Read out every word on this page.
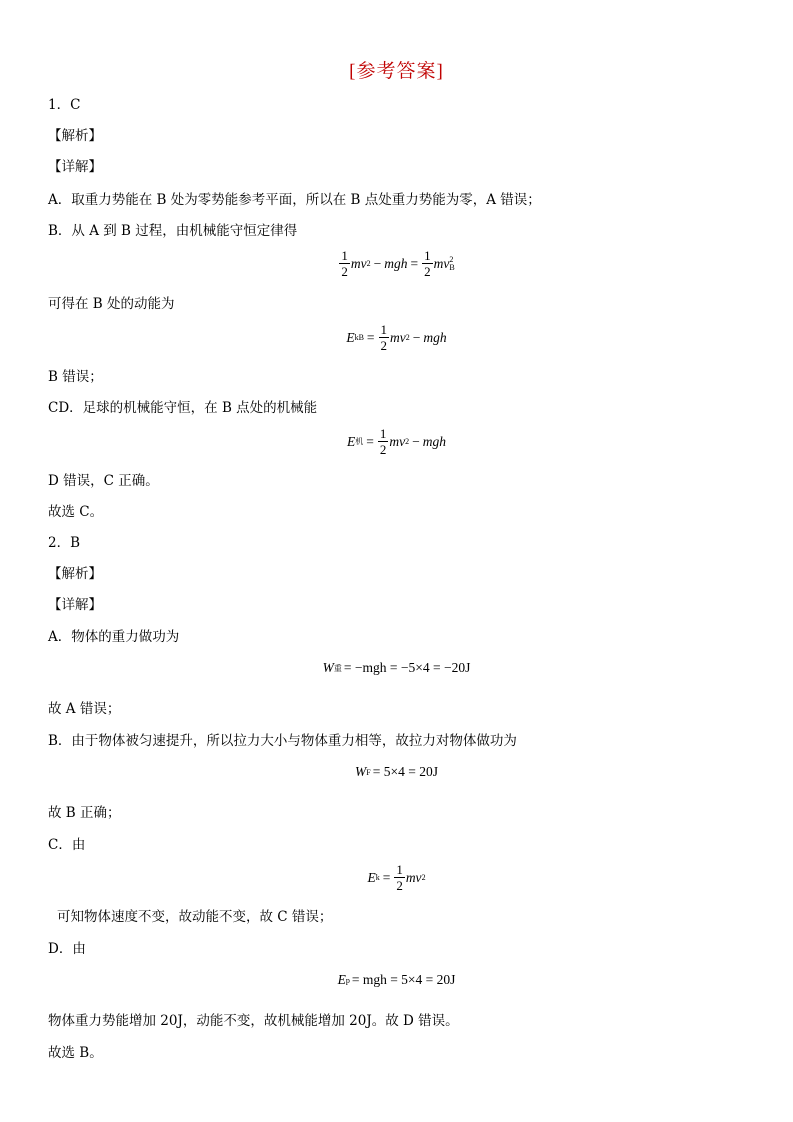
[参考答案]
1．C
【解析】
【详解】
A．取重力势能在 B 处为零势能参考平面，所以在 B 点处重力势能为零，A 错误；
B．从 A 到 B 过程，由机械能守恒定律得
$\frac{1}{2}$ mv 2 − mgh = $\frac{1}{2}$ mv 2
B
可得在 B 处的动能为
E kB = $\frac{1}{2}$ mv 2 − mgh
B 错误；
CD．足球的机械能守恒，在 B 点处的机械能
E 机 = $\frac{1}{2}$ mv 2 − mgh
D 错误，C 正确。
故选 C。
2．B
【解析】
【详解】
A．物体的重力做功为
W 重 = −mgh = −5×4 = −20J
故 A 错误；
B．由于物体被匀速提升，所以拉力大小与物体重力相等，故拉力对物体做功为
W F = 5×4 = 20J
故 B 正确；
C．由
E $k = \frac{1}{2}$ mv 2
可知物体速度不变，故动能不变，故 C 错误；
D．由
E p = mgh = 5×4 = 20J
物体重力势能增加 20J，动能不变，故机械能增加 20J。故 D 错误。
故选 B。
